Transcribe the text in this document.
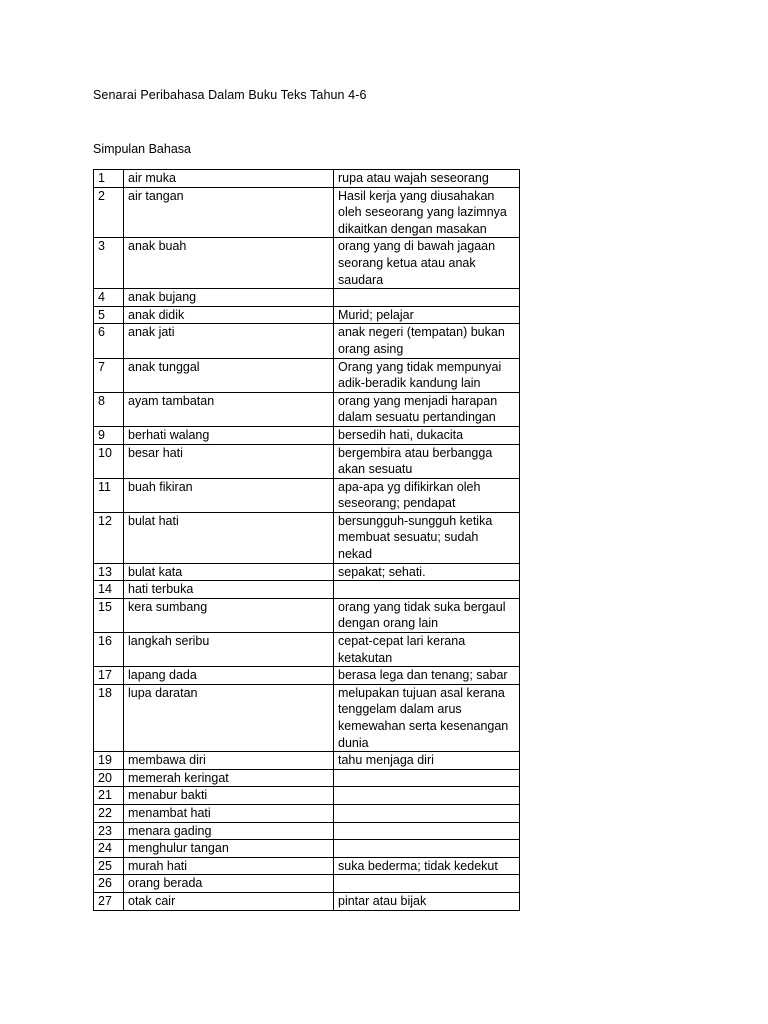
Senarai Peribahasa Dalam Buku Teks Tahun 4-6
Simpulan Bahasa
1	air muka	rupa atau wajah seseorang
2	air tangan	Hasil kerja yang diusahakan oleh seseorang yang lazimnya dikaitkan dengan masakan
3	anak buah	orang yang di bawah jagaan seorang ketua atau anak saudara
4	anak bujang	
5	anak didik	Murid; pelajar
6	anak jati	anak negeri (tempatan) bukan orang asing
7	anak tunggal	Orang yang tidak mempunyai adik-beradik kandung lain
8	ayam tambatan	orang yang menjadi harapan dalam sesuatu pertandingan
9	berhati walang	bersedih hati, dukacita
10	besar hati	bergembira atau berbangga akan sesuatu
11	buah fikiran	apa-apa yg difikirkan oleh seseorang; pendapat
12	bulat hati	bersungguh-sungguh ketika membuat sesuatu; sudah nekad
13	bulat kata	sepakat; sehati.
14	hati terbuka	
15	kera sumbang	orang yang tidak suka bergaul dengan orang lain
16	langkah seribu	cepat-cepat lari kerana ketakutan
17	lapang dada	berasa lega dan tenang; sabar
18	lupa daratan	melupakan tujuan asal kerana tenggelam dalam arus kemewahan serta kesenangan dunia
19	membawa diri	tahu menjaga diri
20	memerah keringat	
21	menabur bakti	
22	menambat hati	
23	menara gading	
24	menghulur tangan	
25	murah hati	suka bederma; tidak kedekut
26	orang berada	
27	otak cair	pintar atau bijak
